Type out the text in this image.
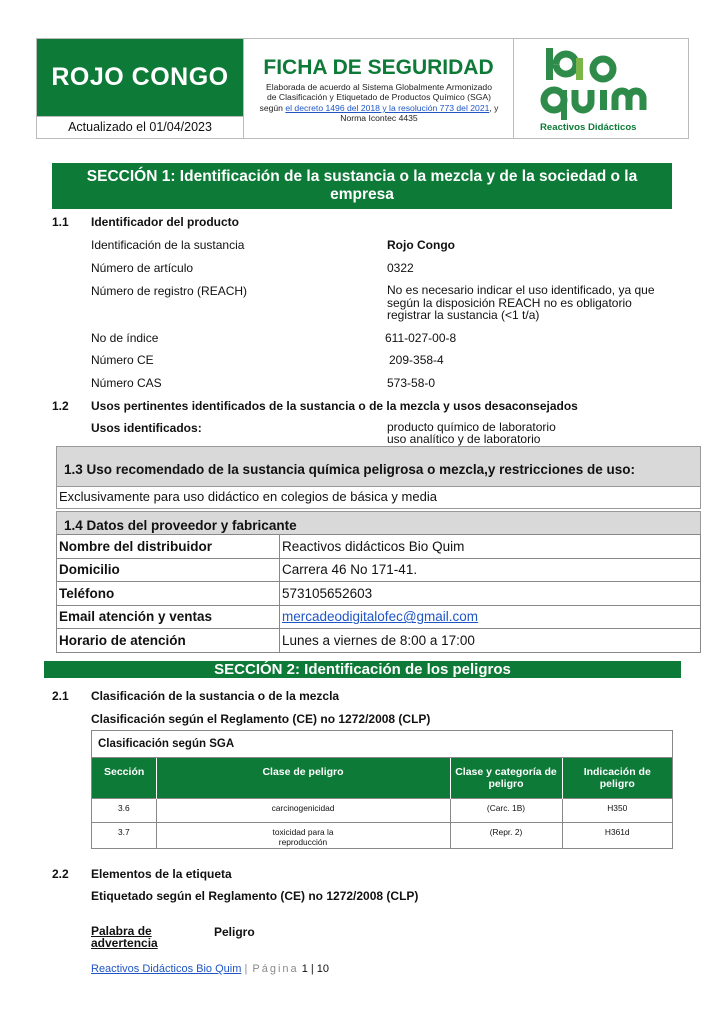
ROJO CONGO
Actualizado el 01/04/2023
FICHA DE SEGURIDAD
Elaborada de acuerdo al Sistema Globalmente Armonizado
de Clasificación y Etiquetado de Productos Químico (SGA)
según el decreto 1496 del 2018 y la resolución 773 del 2021, y Norma Icontec 4435
Reactivos Didácticos
SECCIÓN 1: Identificación de la sustancia o la mezcla y de la sociedad o la empresa
1.1 Identificador del producto
Identificación de la sustancia	Rojo Congo
Número de artículo	0322
Número de registro (REACH)	No es necesario indicar el uso identificado, ya que según la disposición REACH no es obligatorio registrar la sustancia (<1 t/a)
No de índice	611-027-00-8
Número CE	209-358-4
Número CAS	573-58-0
1.2 Usos pertinentes identificados de la sustancia o de la mezcla y usos desaconsejados
Usos identificados:	producto químico de laboratorio
uso analítico y de laboratorio
1.3 Uso recomendado de la sustancia química peligrosa o mezcla,y restricciones de uso:
Exclusivamente para uso didáctico en colegios de básica y media
1.4 Datos del proveedor y fabricante
Nombre del distribuidor	Reactivos didácticos Bio Quim
Domicilio	Carrera 46 No 171-41.
Teléfono	573105652603
Email atención y ventas	mercadeodigitalofec@gmail.com
Horario de atención	Lunes a viernes de 8:00 a 17:00
SECCIÓN 2: Identificación de los peligros
2.1 Clasificación de la sustancia o de la mezcla
Clasificación según el Reglamento (CE) no 1272/2008 (CLP)
Clasificación según SGA
Sección	Clase de peligro	Clase y categoría de peligro	Indicación de peligro
3.6	carcinogenicidad	(Carc. 1B)	H350
3.7	toxicidad para la reproducción	(Repr. 2)	H361d
2.2 Elementos de la etiqueta
Etiquetado según el Reglamento (CE) no 1272/2008 (CLP)
Palabra de advertencia
Peligro
Reactivos Didácticos Bio Quim | Página 1 | 10
